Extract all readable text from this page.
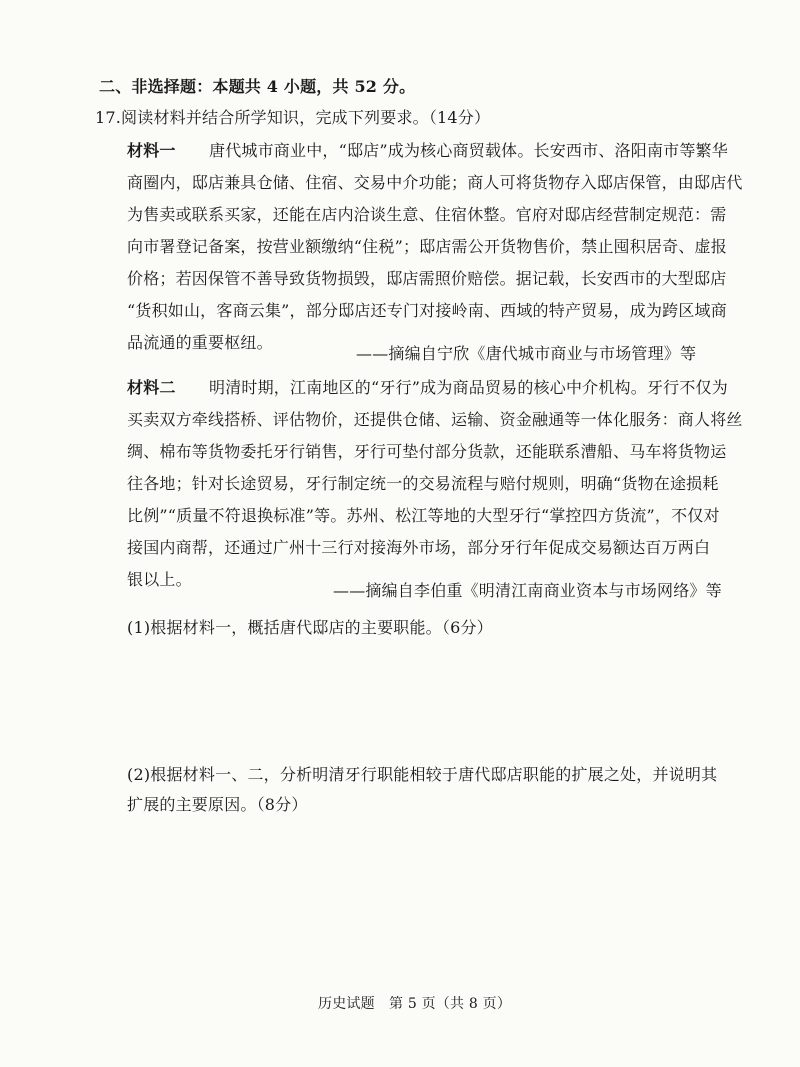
二、非选择题：本题共 4 小题，共 52 分。
17.阅读材料并结合所学知识，完成下列要求。（14分）
材料一 唐代城市商业中，“邸店”成为核心商贸载体。长安西市、洛阳南市等繁华
商圈内，邸店兼具仓储、住宿、交易中介功能；商人可将货物存入邸店保管，由邸店代
为售卖或联系买家，还能在店内洽谈生意、住宿休整。官府对邸店经营制定规范：需
向市署登记备案，按营业额缴纳“住税”；邸店需公开货物售价，禁止囤积居奇、虚报
价格；若因保管不善导致货物损毁，邸店需照价赔偿。据记载，长安西市的大型邸店
“货积如山，客商云集”，部分邸店还专门对接岭南、西域的特产贸易，成为跨区域商
品流通的重要枢纽。
——摘编自宁欣《唐代城市商业与市场管理》等
材料二 明清时期，江南地区的“牙行”成为商品贸易的核心中介机构。牙行不仅为
买卖双方牵线搭桥、评估物价，还提供仓储、运输、资金融通等一体化服务：商人将丝
绸、棉布等货物委托牙行销售，牙行可垫付部分货款，还能联系漕船、马车将货物运
往各地；针对长途贸易，牙行制定统一的交易流程与赔付规则，明确“货物在途损耗
比例”“质量不符退换标准”等。苏州、松江等地的大型牙行“掌控四方货流”，不仅对
接国内商帮，还通过广州十三行对接海外市场，部分牙行年促成交易额达百万两白
银以上。
——摘编自李伯重《明清江南商业资本与市场网络》等
(1)根据材料一，概括唐代邸店的主要职能。（6分）
(2)根据材料一、二，分析明清牙行职能相较于唐代邸店职能的扩展之处，并说明其
扩展的主要原因。（8分）
历史试题　第 5 页（共 8 页）
